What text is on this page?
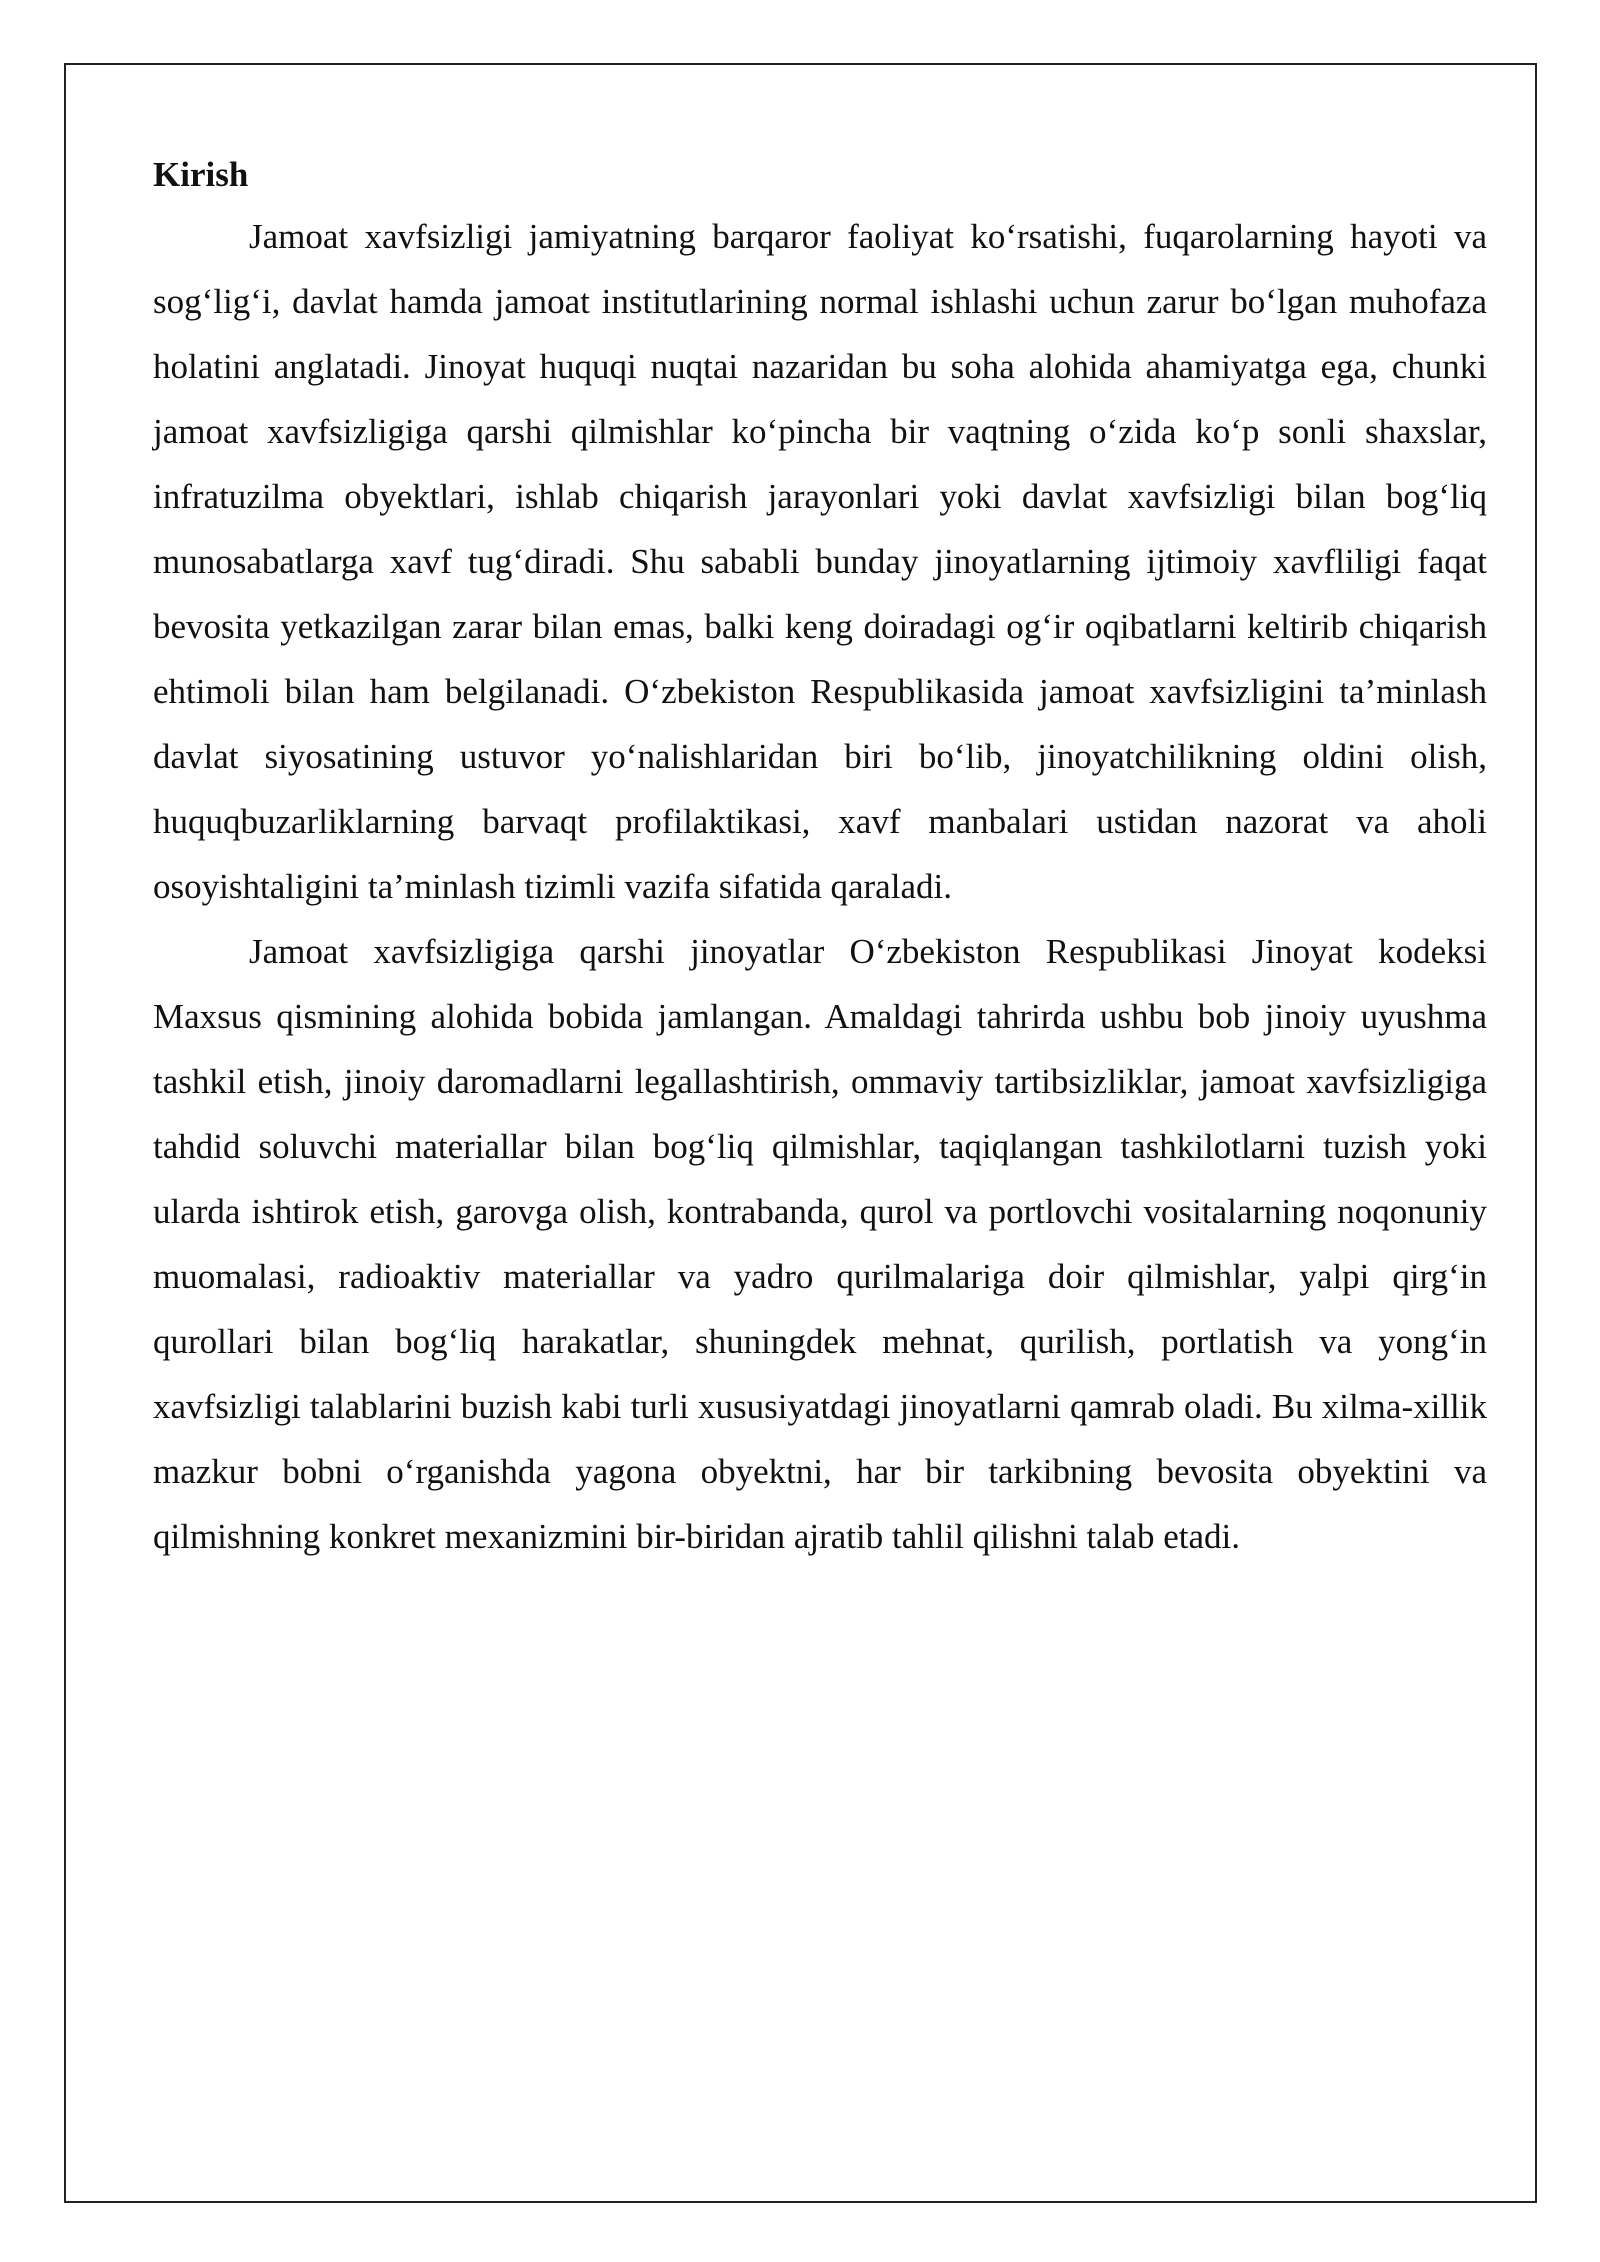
Kirish

Jamoat xavfsizligi jamiyatning barqaror faoliyat ko‘rsatishi, fuqarolarning hayoti va sog‘lig‘i, davlat hamda jamoat institutlarining normal ishlashi uchun zarur bo‘lgan muhofaza holatini anglatadi. Jinoyat huquqi nuqtai nazaridan bu soha alohida ahamiyatga ega, chunki jamoat xavfsizligiga qarshi qilmishlar ko‘pincha bir vaqtning o‘zida ko‘p sonli shaxslar, infratuzilma obyektlari, ishlab chiqarish jarayonlari yoki davlat xavfsizligi bilan bog‘liq munosabatlarga xavf tug‘diradi. Shu sababli bunday jinoyatlarning ijtimoiy xavfliligi faqat bevosita yetkazilgan zarar bilan emas, balki keng doiradagi og‘ir oqibatlarni keltirib chiqarish ehtimoli bilan ham belgilanadi. O‘zbekiston Respublikasida jamoat xavfsizligini ta’minlash davlat siyosatining ustuvor yo‘nalishlaridan biri bo‘lib, jinoyatchilikning oldini olish, huquqbuzarliklarning barvaqt profilaktikasi, xavf manbalari ustidan nazorat va aholi osoyishtaligini ta’minlash tizimli vazifa sifatida qaraladi.

Jamoat xavfsizligiga qarshi jinoyatlar O‘zbekiston Respublikasi Jinoyat kodeksi Maxsus qismining alohida bobida jamlangan. Amaldagi tahrirda ushbu bob jinoiy uyushma tashkil etish, jinoiy daromadlarni legallashtirish, ommaviy tartibsizliklar, jamoat xavfsizligiga tahdid soluvchi materiallar bilan bog‘liq qilmishlar, taqiqlangan tashkilotlarni tuzish yoki ularda ishtirok etish, garovga olish, kontrabanda, qurol va portlovchi vositalarning noqonuniy muomalasi, radioaktiv materiallar va yadro qurilmalariga doir qilmishlar, yalpi qirg‘in qurollari bilan bog‘liq harakatlar, shuningdek mehnat, qurilish, portlatish va yong‘in xavfsizligi talablarini buzish kabi turli xususiyatdagi jinoyatlarni qamrab oladi. Bu xilma-xillik mazkur bobni o‘rganishda yagona obyektni, har bir tarkibning bevosita obyektini va qilmishning konkret mexanizmini bir-biridan ajratib tahlil qilishni talab etadi.
